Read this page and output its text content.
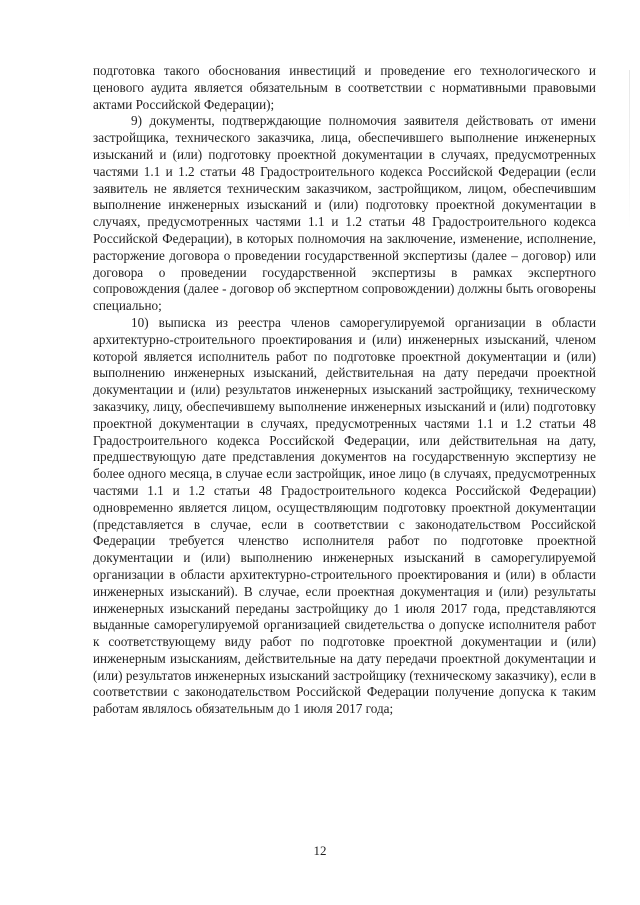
подготовка такого обоснования инвестиций и проведение его технологического и ценового аудита является обязательным в соответствии с нормативными правовыми актами Российской Федерации);

9) документы, подтверждающие полномочия заявителя действовать от имени застройщика, технического заказчика, лица, обеспечившего выполнение инженерных изысканий и (или) подготовку проектной документации в случаях, предусмотренных частями 1.1 и 1.2 статьи 48 Градостроительного кодекса Российской Федерации (если заявитель не является техническим заказчиком, застройщиком, лицом, обеспечившим выполнение инженерных изысканий и (или) подготовку проектной документации в случаях, предусмотренных частями 1.1 и 1.2 статьи 48 Градостроительного кодекса Российской Федерации), в которых полномочия на заключение, изменение, исполнение, расторжение договора о проведении государственной экспертизы (далее – договор) или договора о проведении государственной экспертизы в рамках экспертного сопровождения (далее - договор об экспертном сопровождении) должны быть оговорены специально;

10) выписка из реестра членов саморегулируемой организации в области архитектурно-строительного проектирования и (или) инженерных изысканий, членом которой является исполнитель работ по подготовке проектной документации и (или) выполнению инженерных изысканий, действительная на дату передачи проектной документации и (или) результатов инженерных изысканий застройщику, техническому заказчику, лицу, обеспечившему выполнение инженерных изысканий и (или) подготовку проектной документации в случаях, предусмотренных частями 1.1 и 1.2 статьи 48 Градостроительного кодекса Российской Федерации, или действительная на дату, предшествующую дате представления документов на государственную экспертизу не более одного месяца, в случае если застройщик, иное лицо (в случаях, предусмотренных частями 1.1 и 1.2 статьи 48 Градостроительного кодекса Российской Федерации) одновременно является лицом, осуществляющим подготовку проектной документации (представляется в случае, если в соответствии с законодательством Российской Федерации требуется членство исполнителя работ по подготовке проектной документации и (или) выполнению инженерных изысканий в саморегулируемой организации в области архитектурно-строительного проектирования и (или) в области инженерных изысканий). В случае, если проектная документация и (или) результаты инженерных изысканий переданы застройщику до 1 июля 2017 года, представляются выданные саморегулируемой организацией свидетельства о допуске исполнителя работ к соответствующему виду работ по подготовке проектной документации и (или) инженерным изысканиям, действительные на дату передачи проектной документации и (или) результатов инженерных изысканий застройщику (техническому заказчику), если в соответствии с законодательством Российской Федерации получение допуска к таким работам являлось обязательным до 1 июля 2017 года;

12
